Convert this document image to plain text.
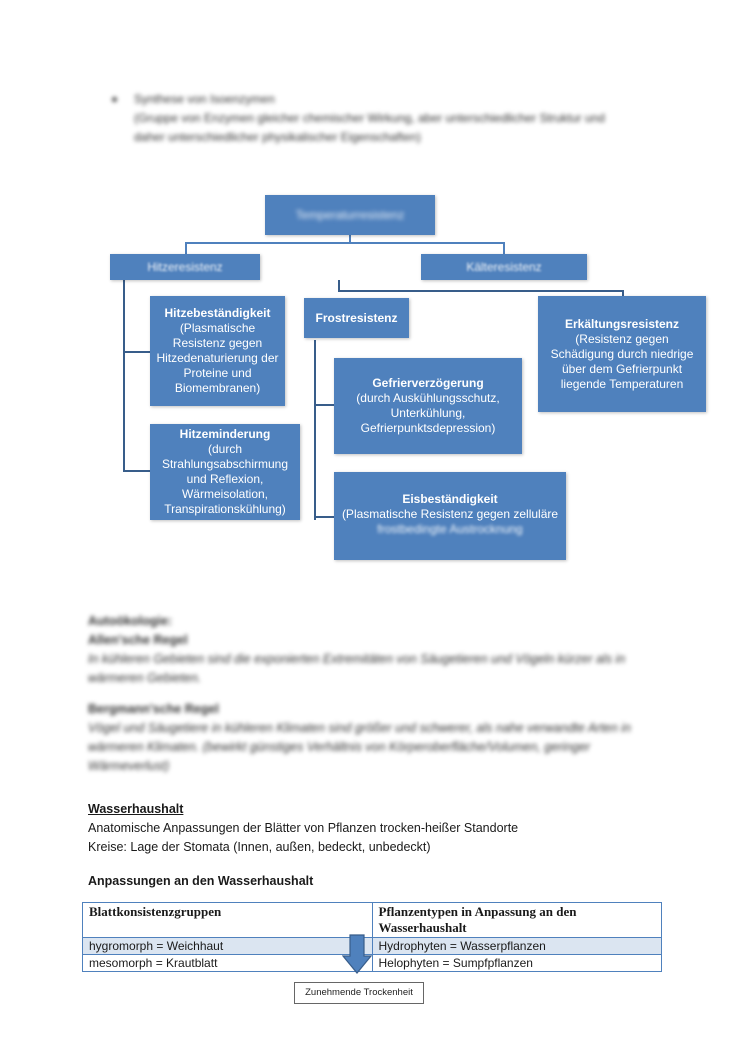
Synthese von Isoenzymen
(Gruppe von Enzymen gleicher chemischer Wirkung, aber unterschiedlicher Struktur und
daher unterschiedlicher physikalischer Eigenschaften)
Temperaturresistenz
Hitzeresistenz	Kälteresistenz
Hitzebeständigkeit
(Plasmatische Resistenz gegen Hitzedenaturierung der Proteine und Biomembranen)
Hitzeminderung
(durch Strahlungsabschirmung und Reflexion, Wärmeisolation, Transpirationskühlung)
Frostresistenz	Erkältungsresistenz
(Resistenz gegen Schädigung durch niedrige über dem Gefrierpunkt liegende Temperaturen
Gefrierverzögerung
(durch Auskühlungsschutz, Unterkühlung, Gefrierpunktsdepression)
Eisbeständigkeit
(Plasmatische Resistenz gegen zelluläre
frostbedingte Austrocknung
Autoökologie:
Allen'sche Regel
In kühleren Gebieten sind die exponierten Extremitäten von Säugetieren und Vögeln kürzer als in
wärmeren Gebieten.
Bergmann'sche Regel
Vögel und Säugetiere in kühleren Klimaten sind größer und schwerer, als nahe verwandte Arten in
wärmeren Klimaten. (bewirkt günstiges Verhältnis von Körperoberfläche/Volumen, geringer
Wärmeverlust)
Wasserhaushalt
Anatomische Anpassungen der Blätter von Pflanzen trocken-heißer Standorte
Kreise: Lage der Stomata (Innen, außen, bedeckt, unbedeckt)
Anpassungen an den Wasserhaushalt
Blattkonsistenzgruppen	Pflanzentypen in Anpassung an den Wasserhaushalt
hygromorph = Weichhaut	Hydrophyten = Wasserpflanzen
mesomorph = Krautblatt	Helophyten = Sumpfpflanzen
Zunehmende Trockenheit
